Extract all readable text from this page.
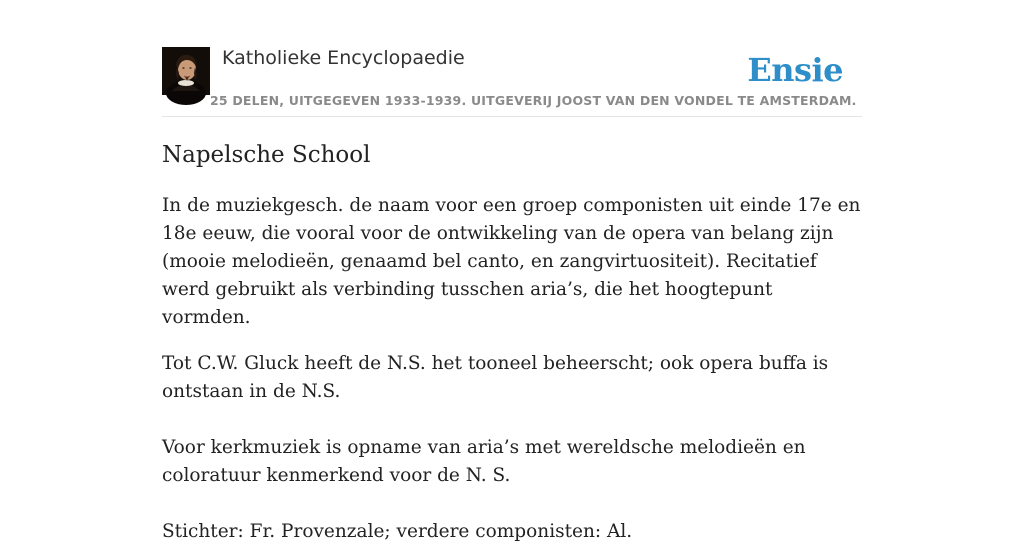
Katholieke Encyclopaedie
25 DELEN, UITGEGEVEN 1933-1939. UITGEVERIJ JOOST VAN DEN VONDEL TE AMSTERDAM.
Ensie
Napelsche School

In de muziekgesch. de naam voor een groep componisten uit einde 17e en 18e eeuw, die vooral voor de ontwikkeling van de opera van belang zijn (mooie melodieën, genaamd bel canto, en zangvirtuositeit). Recitatief werd gebruikt als verbinding tusschen aria’s, die het hoogtepunt vormden.

Tot C.W. Gluck heeft de N.S. het tooneel beheerscht; ook opera buffa is ontstaan in de N.S.

Voor kerkmuziek is opname van aria’s met wereldsche melodieën en coloratuur kenmerkend voor de N. S.

Stichter: Fr. Provenzale; verdere componisten: Al.
